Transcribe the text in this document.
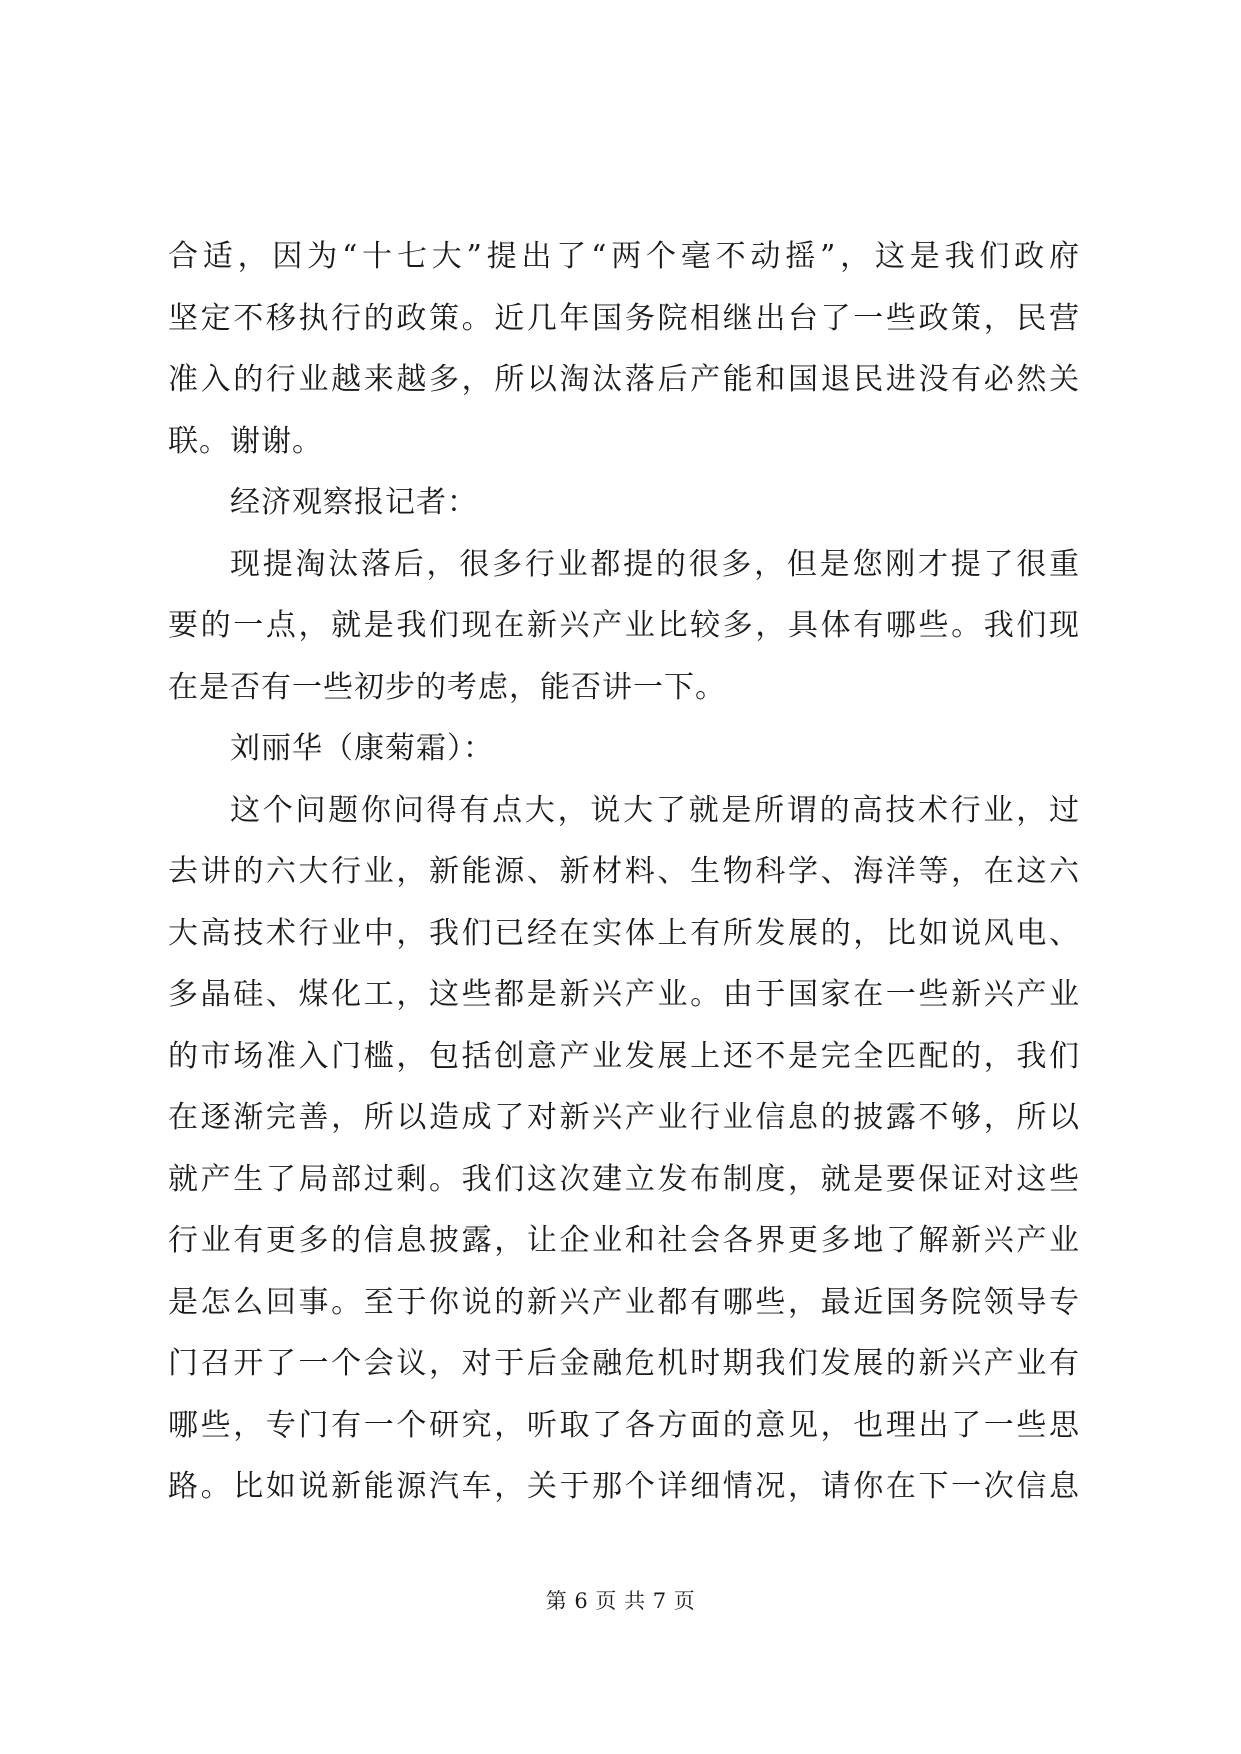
合适，因为“十七大”提出了“两个毫不动摇”，这是我们政府
坚定不移执行的政策。近几年国务院相继出台了一些政策，民营
准入的行业越来越多，所以淘汰落后产能和国退民进没有必然关
联。谢谢。
经济观察报记者：
现提淘汰落后，很多行业都提的很多，但是您刚才提了很重
要的一点，就是我们现在新兴产业比较多，具体有哪些。我们现
在是否有一些初步的考虑，能否讲一下。
刘丽华（康菊霜）：
这个问题你问得有点大，说大了就是所谓的高技术行业，过
去讲的六大行业，新能源、新材料、生物科学、海洋等，在这六
大高技术行业中，我们已经在实体上有所发展的，比如说风电、
多晶硅、煤化工，这些都是新兴产业。由于国家在一些新兴产业
的市场准入门槛，包括创意产业发展上还不是完全匹配的，我们
在逐渐完善，所以造成了对新兴产业行业信息的披露不够，所以
就产生了局部过剩。我们这次建立发布制度，就是要保证对这些
行业有更多的信息披露，让企业和社会各界更多地了解新兴产业
是怎么回事。至于你说的新兴产业都有哪些，最近国务院领导专
门召开了一个会议，对于后金融危机时期我们发展的新兴产业有
哪些，专门有一个研究，听取了各方面的意见，也理出了一些思
路。比如说新能源汽车，关于那个详细情况，请你在下一次信息
第 6 页 共 7 页
